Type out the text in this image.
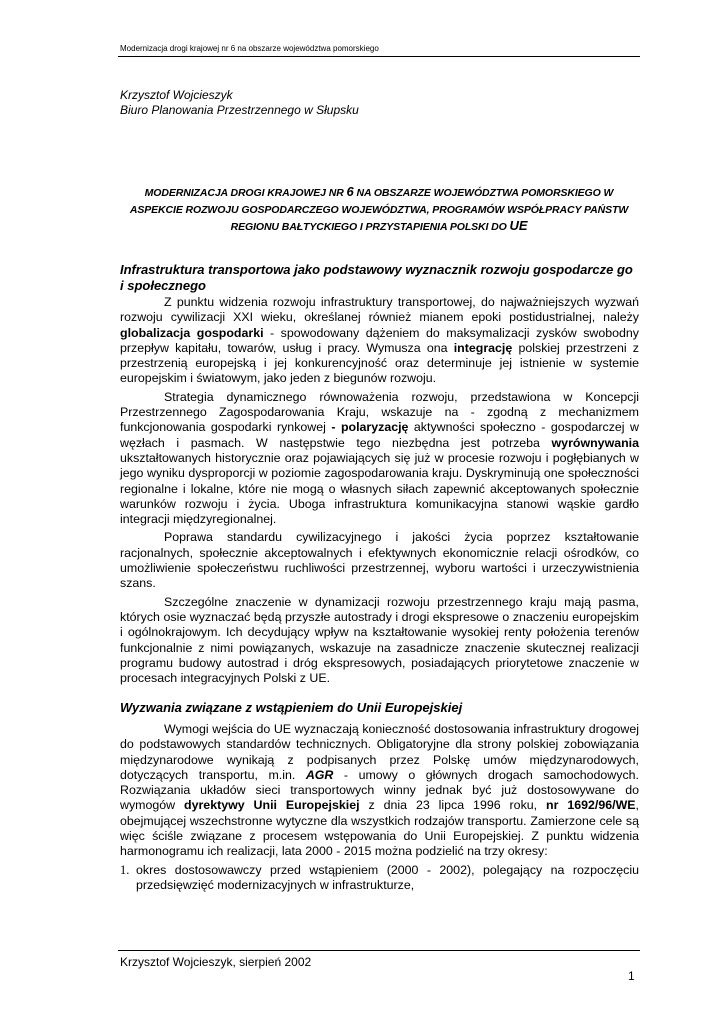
Modernizacja drogi krajowej nr 6 na obszarze województwa pomorskiego
Krzysztof Wojcieszyk
Biuro Planowania Przestrzennego w Słupsku
MODERNIZACJA DROGI KRAJOWEJ NR 6 NA OBSZARZE WOJEWÓDZTWA POMORSKIEGO W ASPEKCIE ROZWOJU GOSPODARCZEGO WOJEWÓDZTWA, PROGRAMÓW WSPÓŁPRACY PAŃSTW REGIONU BAŁTYCKIEGO I PRZYSTAPIENIA POLSKI DO UE
Infrastruktura transportowa jako podstawowy wyznacznik rozwoju gospodarcze go i społecznego

Z punktu widzenia rozwoju infrastruktury transportowej, do najważniejszych wyzwań rozwoju cywilizacji XXI wieku, określanej również mianem epoki postidustrialnej, należy globalizacja gospodarki - spowodowany dążeniem do maksymalizacji zysków swobodny przepływ kapitału, towarów, usług i pracy. Wymusza ona integrację polskiej przestrzeni z przestrzenią europejską i jej konkurencyjność oraz determinuje jej istnienie w systemie europejskim i światowym, jako jeden z biegunów rozwoju.

Strategia dynamicznego równoważenia rozwoju, przedstawiona w Koncepcji Przestrzennego Zagospodarowania Kraju, wskazuje na - zgodną z mechanizmem funkcjonowania gospodarki rynkowej - polaryzację aktywności społeczno - gospodarczej w węzłach i pasmach. W następstwie tego niezbędna jest potrzeba wyrównywania ukształtowanych historycznie oraz pojawiających się już w procesie rozwoju i pogłębianych w jego wyniku dysproporcji w poziomie zagospodarowania kraju. Dyskryminują one społeczności regionalne i lokalne, które nie mogą o własnych siłach zapewnić akceptowanych społecznie warunków rozwoju i życia. Uboga infrastruktura komunikacyjna stanowi wąskie gardło integracji międzyregionalnej.

Poprawa standardu cywilizacyjnego i jakości życia poprzez kształtowanie racjonalnych, społecznie akceptowalnych i efektywnych ekonomicznie relacji ośrodków, co umożliwienie społeczeństwu ruchliwości przestrzennej, wyboru wartości i urzeczywistnienia szans.

Szczególne znaczenie w dynamizacji rozwoju przestrzennego kraju mają pasma, których osie wyznaczać będą przyszłe autostrady i drogi ekspresowe o znaczeniu europejskim i ogólnokrajowym. Ich decydujący wpływ na kształtowanie wysokiej renty położenia terenów funkcjonalnie z nimi powiązanych, wskazuje na zasadnicze znaczenie skutecznej realizacji programu budowy autostrad i dróg ekspresowych, posiadających priorytetowe znaczenie w procesach integracyjnych Polski z UE.

Wyzwania związane z wstąpieniem do Unii Europejskiej

Wymogi wejścia do UE wyznaczają konieczność dostosowania infrastruktury drogowej do podstawowych standardów technicznych. Obligatoryjne dla strony polskiej zobowiązania międzynarodowe wynikają z podpisanych przez Polskę umów międzynarodowych, dotyczących transportu, m.in. AGR - umowy o głównych drogach samochodowych. Rozwiązania układów sieci transportowych winny jednak być już dostosowywane do wymogów dyrektywy Unii Europejskiej z dnia 23 lipca 1996 roku, nr 1692/96/WE, obejmującej wszechstronne wytyczne dla wszystkich rodzajów transportu. Zamierzone cele są więc ściśle związane z procesem wstępowania do Unii Europejskiej. Z punktu widzenia harmonogramu ich realizacji, lata 2000 - 2015 można podzielić na trzy okresy:

1. okres dostosowawczy przed wstąpieniem (2000 - 2002), polegający na rozpoczęciu przedsięwzięć modernizacyjnych w infrastrukturze,
Krzysztof Wojcieszyk, sierpień 2002
1
